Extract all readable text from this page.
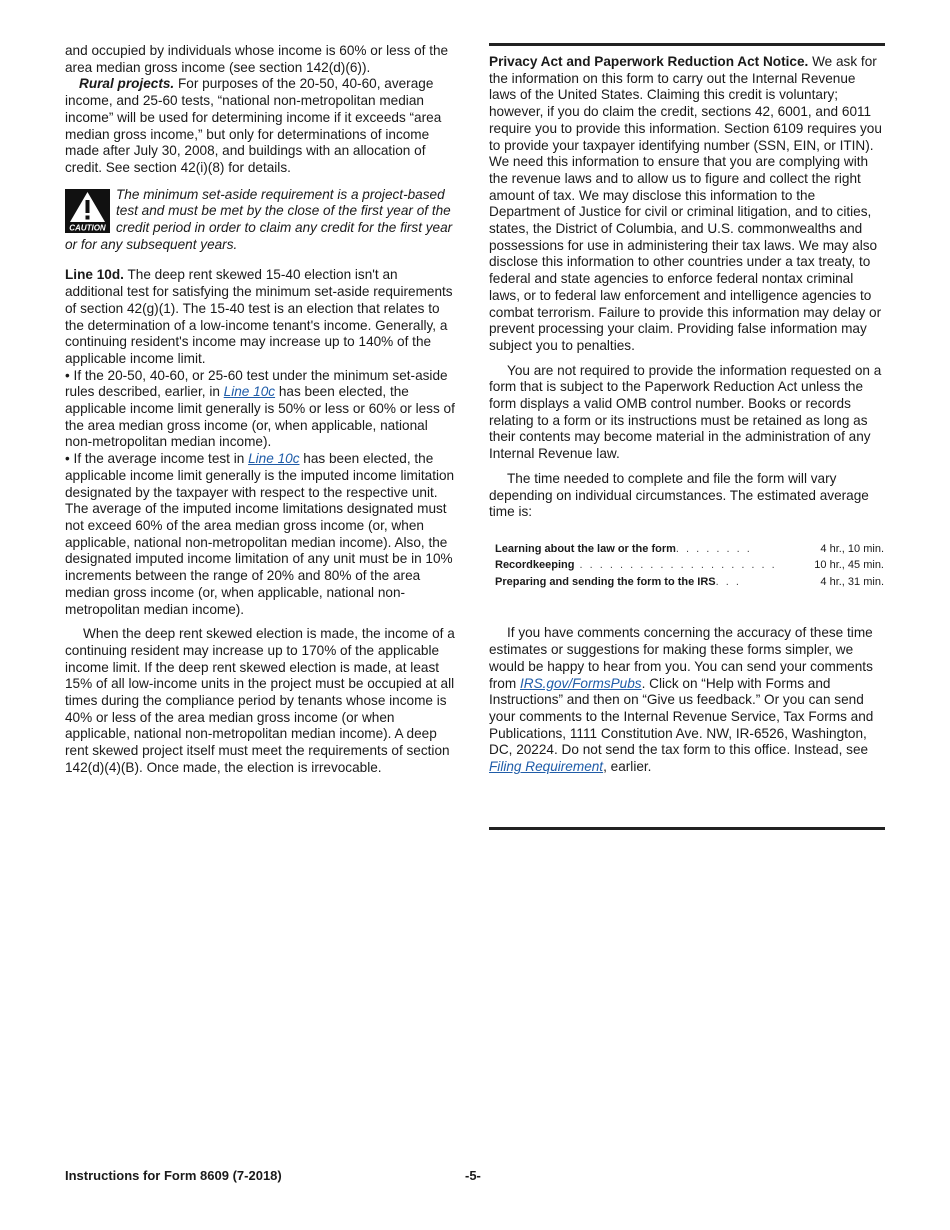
and occupied by individuals whose income is 60% or less of the area median gross income (see section 142(d)(6)).

Rural projects. For purposes of the 20-50, 40-60, average income, and 25-60 tests, “national non-metropolitan median income” will be used for determining income if it exceeds “area median gross income,” but only for determinations of income made after July 30, 2008, and buildings with an allocation of credit. See section 42(i)(8) for details.

CAUTION
The minimum set-aside requirement is a project-based test and must be met by the close of the first year of the credit period in order to claim any credit for the first year or for any subsequent years.

Line 10d. The deep rent skewed 15-40 election isn't an additional test for satisfying the minimum set-aside requirements of section 42(g)(1). The 15-40 test is an election that relates to the determination of a low-income tenant's income. Generally, a continuing resident's income may increase up to 140% of the applicable income limit.

• If the 20-50, 40-60, or 25-60 test under the minimum set-aside rules described, earlier, in Line 10c has been elected, the applicable income limit generally is 50% or less or 60% or less of the area median gross income (or, when applicable, national non-metropolitan median income).

• If the average income test in Line 10c has been elected, the applicable income limit generally is the imputed income limitation designated by the taxpayer with respect to the respective unit. The average of the imputed income limitations designated must not exceed 60% of the area median gross income (or, when applicable, national non-metropolitan median income). Also, the designated imputed income limitation of any unit must be in 10% increments between the range of 20% and 80% of the area median gross income (or, when applicable, national non-metropolitan median income).

When the deep rent skewed election is made, the income of a continuing resident may increase up to 170% of the applicable income limit. If the deep rent skewed election is made, at least 15% of all low-income units in the project must be occupied at all times during the compliance period by tenants whose income is 40% or less of the area median gross income (or when applicable, national non-metropolitan median income). A deep rent skewed project itself must meet the requirements of section 142(d)(4)(B). Once made, the election is irrevocable.

Privacy Act and Paperwork Reduction Act Notice. We ask for the information on this form to carry out the Internal Revenue laws of the United States. Claiming this credit is voluntary; however, if you do claim the credit, sections 42, 6001, and 6011 require you to provide this information. Section 6109 requires you to provide your taxpayer identifying number (SSN, EIN, or ITIN). We need this information to ensure that you are complying with the revenue laws and to allow us to figure and collect the right amount of tax. We may disclose this information to the Department of Justice for civil or criminal litigation, and to cities, states, the District of Columbia, and U.S. commonwealths and possessions for use in administering their tax laws. We may also disclose this information to other countries under a tax treaty, to federal and state agencies to enforce federal nontax criminal laws, or to federal law enforcement and intelligence agencies to combat terrorism. Failure to provide this information may delay or prevent processing your claim. Providing false information may subject you to penalties.

You are not required to provide the information requested on a form that is subject to the Paperwork Reduction Act unless the form displays a valid OMB control number. Books or records relating to a form or its instructions must be retained as long as their contents may become material in the administration of any Internal Revenue law.

The time needed to complete and file the form will vary depending on individual circumstances. The estimated average time is:

Learning about the law or the form. . . . . . . .	4 hr., 10 min.
Recordkeeping . . . . . . . . . . . . . . . . . . . .	10 hr., 45 min.
Preparing and sending the form to the IRS. . .	4 hr., 31 min.

If you have comments concerning the accuracy of these time estimates or suggestions for making these forms simpler, we would be happy to hear from you. You can send your comments from IRS.gov/FormsPubs. Click on “Help with Forms and Instructions” and then on “Give us feedback.” Or you can send your comments to the Internal Revenue Service, Tax Forms and Publications, 1111 Constitution Ave. NW, IR-6526, Washington, DC, 20224. Do not send the tax form to this office. Instead, see Filing Requirement, earlier.

Instructions for Form 8609 (7-2018)	-5-
